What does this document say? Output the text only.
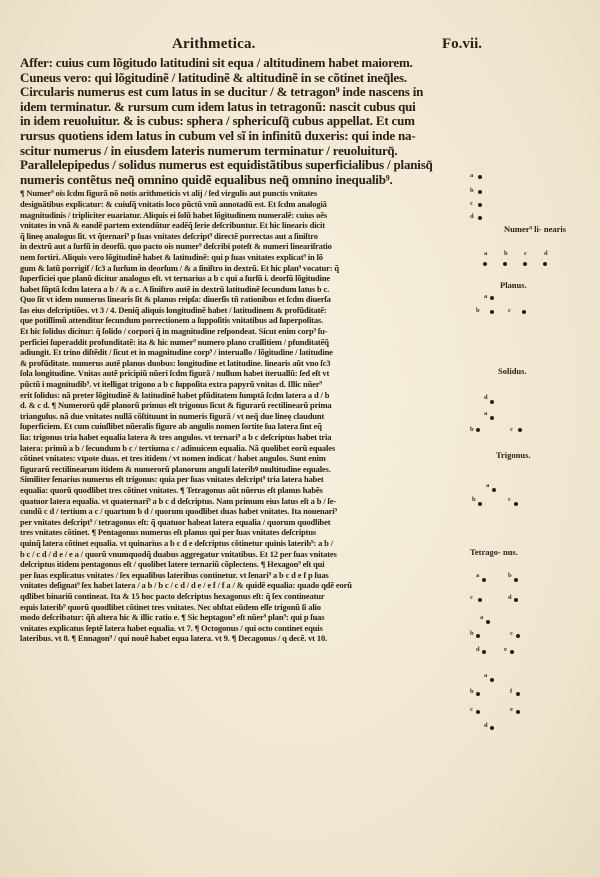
Arithmetica.	Fo.vii.
Affer: cuius cum lõgitudo latitudini sit equa / altitudinem habet maiorem.
Cuneus vero: qui lõgitudinẽ / latitudinẽ & altitudinẽ in se cõtinet ineq̃les.
Circularis numerus est cum latus in se ducitur / & tetragon⁹ inde nascens in
idem terminatur. & rursum cum idem latus in tetragonũ: nascit cubus qui
in idem reuoluitur. & is cubus: sphera / sphericuſq̃ cubus appellat. Et cum
rursus quotiens idem latus in cubum vel sĩ in infinitũ duxeris: qui inde na-
scitur numerus / in eiusdem lateris numerum terminatur / reuoluiturq̃.
Parallelepipedus / solidus numerus est equidistãtibus superficialibus / planisq̃
numeris contẽtus neq̃ omnino quidẽ equalibus neq̃ omnino inequalib⁹.
¶ Numer⁹ ois ſcdm figurã nõ notis arithmeticis vt alij / ſed virgulis aut punctis vnitates
designãtibus explicatur: & cuiuſq̃ vnitatis loco pũctũ vnũ annotadũ est. Et ſcdm analogiã
magnitudinis / tripliciter euariatur. Aliquis ei ſolũ habet lõgitudinem numeralẽ: cuius oẽs
vnitates in vnã & eandẽ partem extendũtur eadẽq̃ ſerie deſcribuntur. Et hic linearis dicit
q̃ lineę analogus ſit. vt q̃ternari⁹ p ſuas vnitates deſcript⁹ directẽ porrectas aut a ſiniſtro
in dextrũ aut a ſurſũ in deorſũ. quo pacto ois numer⁹ deſcribi poteſt & numeri lineariſratio
nem fortiri. Aliquis vero lõgitudinẽ habet & latitudinẽ: qui p ſuas vnitates explicat⁹ in lõ
gum & latũ porrigif / ſc3 a ſurſum in deorſum / & a ſiniſtro in dextrũ. Et hic plan⁹ vocatur: q̃
ſuperficiei que planũ dicitur analogus eſt. vt ternarius a b c qui a ſurſũ i. deorſũ lõgitudine
habet ſũptã ſcdm latera a b / & a c. A ſiniſtro autẽ in dextrũ latitudinẽ ſecundum latus b c.
Quo ſit vt idem numerus linearis ſit & planus reipſa: diuerſis tñ rationibus et ſcdm diuerſa
ſas eius deſcriptiões. vt 3 / 4. Deniq̃ aliquis longitudinẽ habet / latitudinem & profũditatẽ:
que potiſſimũ attenditur ſecundum porrectionem a ſuppoſitis vnitatibus ad ſuperpoſitas.
Et hic ſolidus dicitur: q̃ ſolido / corpori q̃ in magnitudine reſpondeat. Sicut enim corp⁹ ſu-
perficiei ſuperaddit profunditatẽ: ita & hic numer⁹ numero plano craſſitiem / pfunditatẽq̃
adiungit. Et trino diſtẽdit / ſicut et in magnitudine corp⁹ / interuallo / lõgitudine / latitudine
& profũditate. numerus autẽ planus duobus: longitudine et latitudine. linearis aũt vno ſc3
ſola longitudine. Vnitas autẽ pricipiũ nũeri ſcdm figurã / nullum habet iteruallũ: ſed eſt vt
pũctũ i magnitudib⁹. vt itelligat trigono a b c ſuppoſita extra papyrũ vnitas d. Illic nũer⁹
erit ſolidus: nã preter lõgitudinẽ & latitudinẽ habet pfũditatem ſumptã ſcdm latera a d / b
d. & c d. ¶ Numerorũ qdẽ planorũ primus eſt trigonus ſicut & figurarũ rectilinearũ prima
triangulus. nã due vnitates nullã cõſtituunt in numeris figurã / vt neq̃ due lineę claudunt
ſuperficiem. Et cum cuiuſlibet nũeralis figure ab angulis nomen ſortite ſua latera ſint eq̃
lia: trigonus tria habet equalia latera & tres angulos. vt ternari⁹ a b c deſcriptus habet tria
latera: primũ a b / ſecundum b c / tertiuma c / adinuicem equalia. Nã quolibet eorũ equales
cõtinet vnitates: vtpote duas. et tres itidem / vt nomen indicat / habet angulos. Sunt enim
figurarũ rectilinearum itidem & numerorũ planorum anguli lateribꝰ multitudine equales.
Similiter ſenarius numerus eſt trigonus: quia per ſuas vnitates deſcript⁹ tria latera habet
equalia: quorũ quodlibet tres cõtinet vnitates. ¶ Tetragonus aũt nũerus eſt planus habẽs
quatuor latera equalia. vt quaternari⁹ a b c d deſcriptus. Nam primum eius latus eſt a b / ſe-
cundũ c d / tertium a c / quartum b d / quorum quodlibet duas habet vnitates. Ita nouenari⁹
per vnitates deſcript⁹ / tetragonus eſt: q̃ quatuor habeat latera equalia / quorum quodlibet
tres vnitates cõtinet. ¶ Pentagonus numerus eſt planus qui per ſuas vnitates deſcriptus
quinq̃ latera cõtinet equalia. vt quinarius a b c d e deſcriptus cõtinetur quinis laterib⁹: a b /
b c / c d / d e / e a / quorũ vnumquodq̃ duabus aggregatur vnitatibus. Et 12 per ſuas vnitates
deſcriptus itidem pentagonus eſt / quolibet latere ternariũ cõplectens. ¶ Hexagon⁹ eſt qui
per ſuas explicatus vnitates / ſex equalibus lateribus continetur. vt ſenari⁹ a b c d e f p ſuas
vnitates deſignat⁹ ſex habet latera / a b / b c / c d / d e / e f / f a / & quidẽ equalia: quado qdẽ eorũ
qdlibet binariũ contineat. Ita & 15 hoc pacto deſcriptus hexagonus eſt: q̃ ſex contineatur
equis laterib⁹ quorũ quodlibet cõtinet tres vnitates. Nec obſtat eũdem eſſe trigonũ ſi alio
modo deſcribatur: q̃ñ altera hic & illic ratio e. ¶ Sic heptagon⁹ eſt nũer⁹ plan⁹: qui p ſuas
vnitates explicatus ſeptẽ latera habet equalia. vt 7. ¶ Octogonus / qui octo continet equis
lateribus. vt 8. ¶ Ennagon⁹ / qui nouẽ habet equa latera. vt 9. ¶ Decagonus / q decẽ. vt 10.
a
b
c
d
Numer⁹ li- nearis
a	b	c	d
Planus.
a
b	c
Solidus.
d
a
b	c
Trigonus.
a
b	c
Tetrago- nus.
a	b
c	d
a
b	c
d	e
a
b	f
c	e
d
